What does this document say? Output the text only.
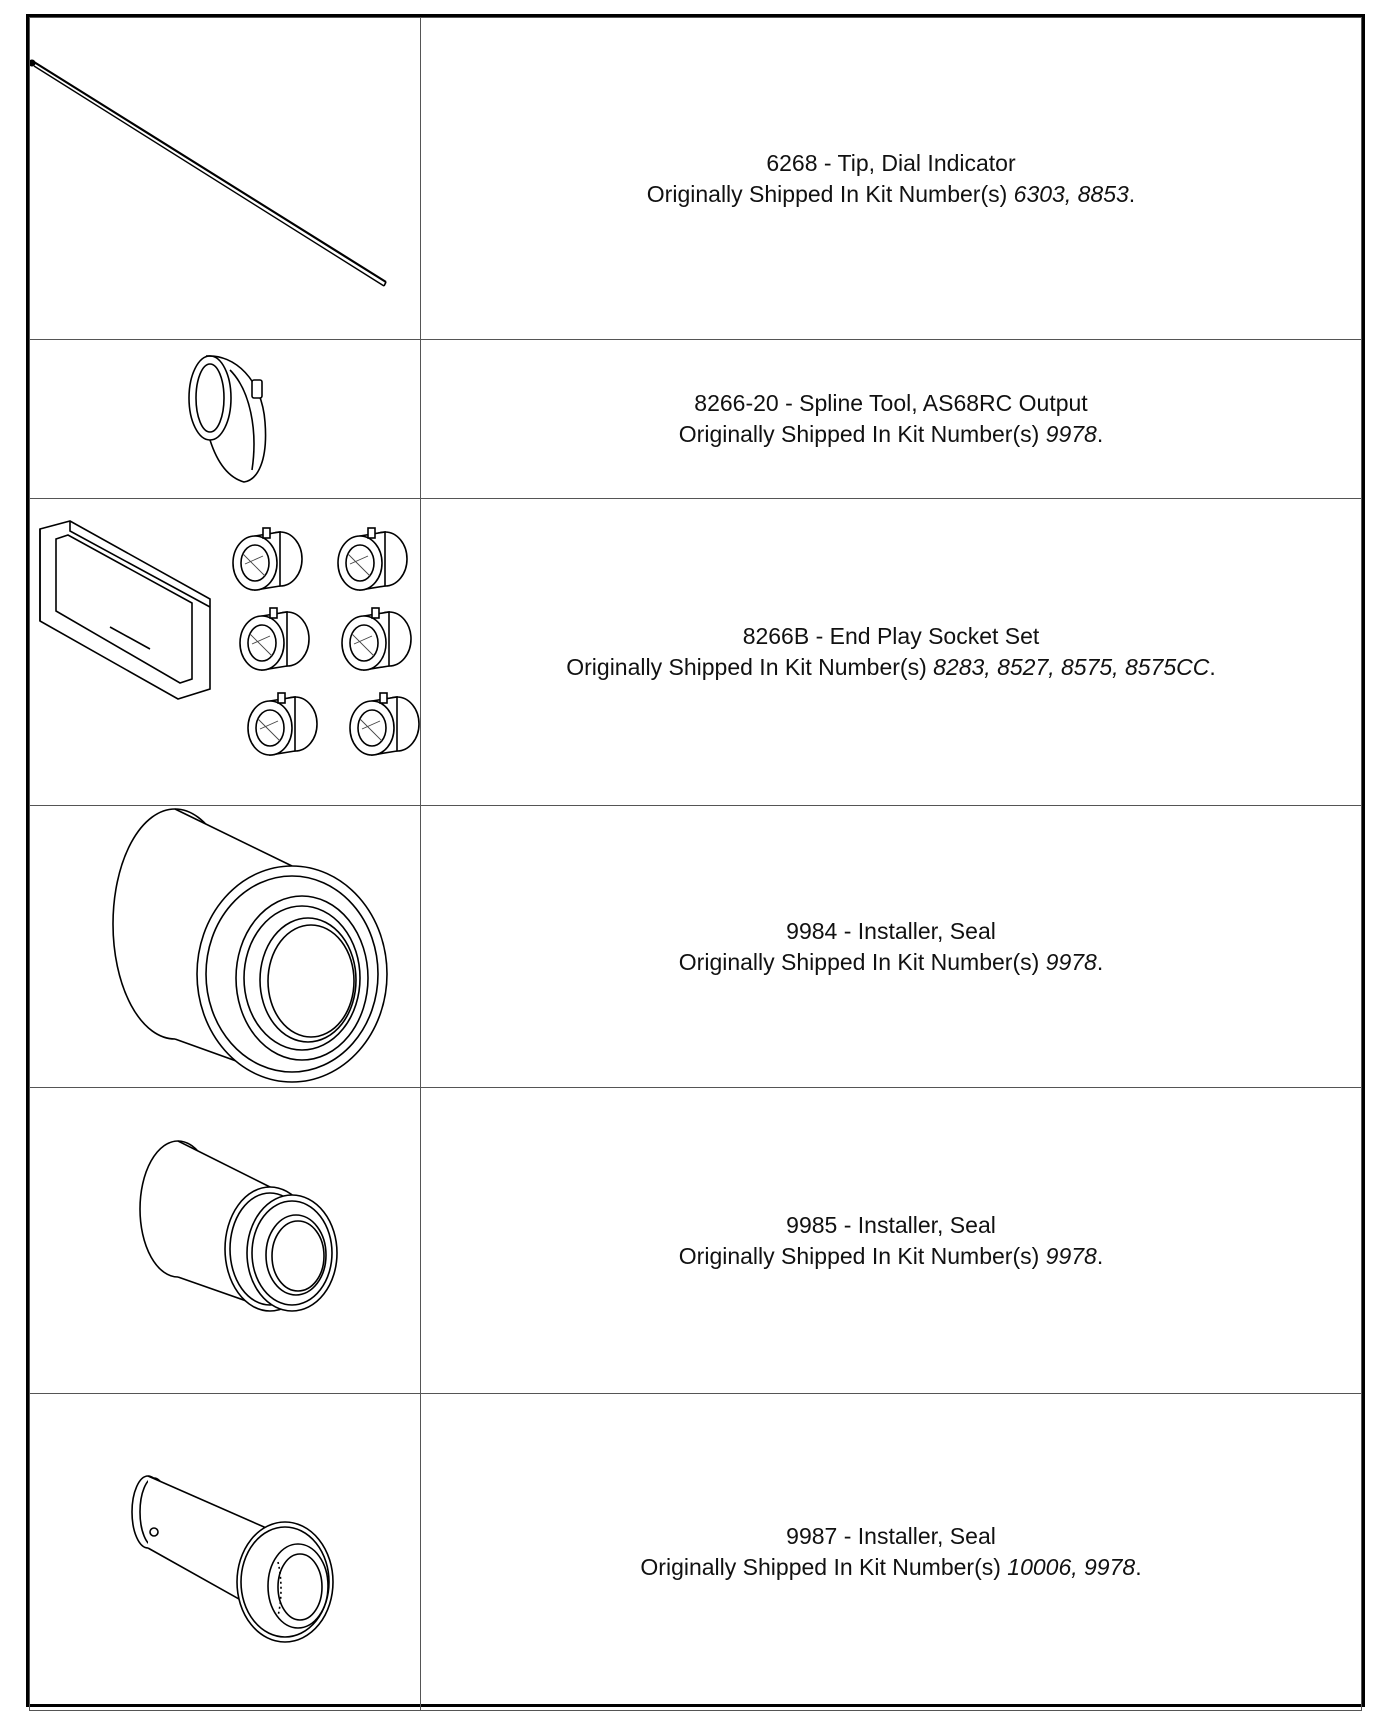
6268 - Tip, Dial Indicator
Originally Shipped In Kit Number(s) 6303, 8853.

8266-20 - Spline Tool, AS68RC Output
Originally Shipped In Kit Number(s) 9978.

8266B - End Play Socket Set
Originally Shipped In Kit Number(s) 8283, 8527, 8575, 8575CC.

9984 - Installer, Seal
Originally Shipped In Kit Number(s) 9978.

9985 - Installer, Seal
Originally Shipped In Kit Number(s) 9978.

9987 - Installer, Seal
Originally Shipped In Kit Number(s) 10006, 9978.
